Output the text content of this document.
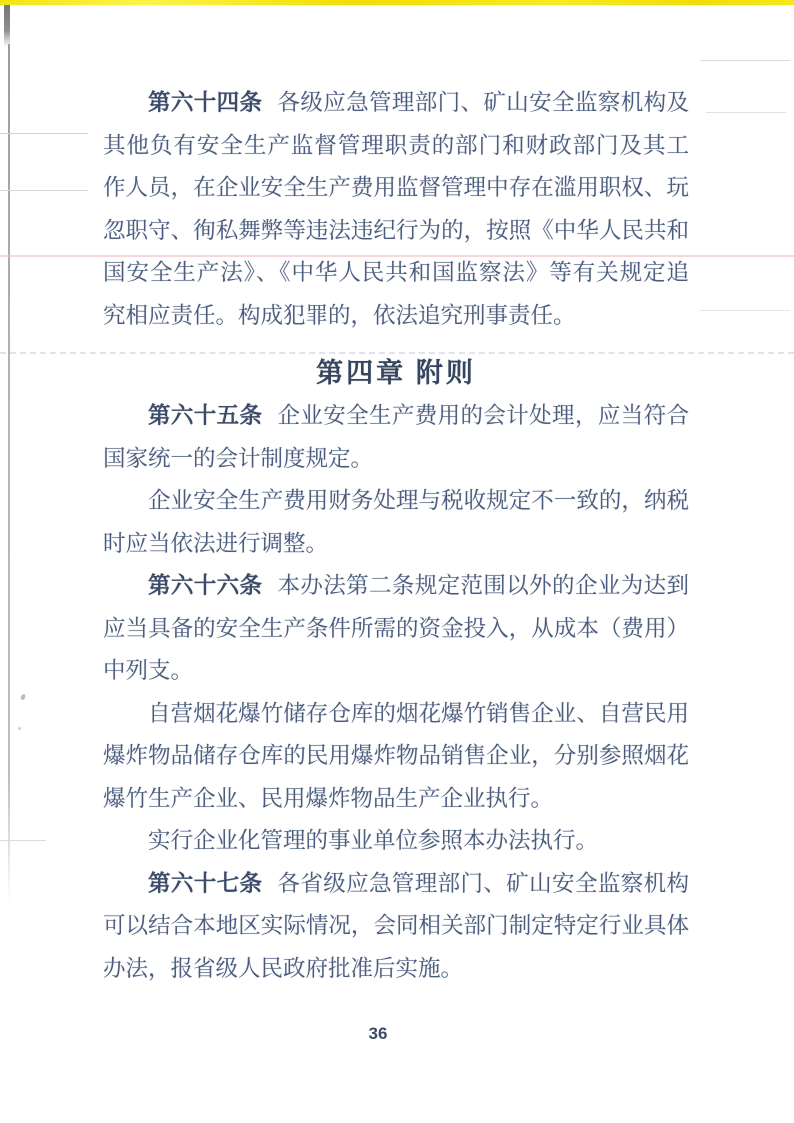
第六十四条 各级应急管理部门、矿山安全监察机构及
其他负有安全生产监督管理职责的部门和财政部门及其工
作人员，在企业安全生产费用监督管理中存在滥用职权、玩
忽职守、徇私舞弊等违法违纪行为的，按照《中华人民共和
国安全生产法》、《中华人民共和国监察法》等有关规定追
究相应责任。构成犯罪的，依法追究刑事责任。
第四章 附则
第六十五条 企业安全生产费用的会计处理，应当符合
国家统一的会计制度规定。
企业安全生产费用财务处理与税收规定不一致的，纳税
时应当依法进行调整。
第六十六条 本办法第二条规定范围以外的企业为达到
应当具备的安全生产条件所需的资金投入，从成本（费用）
中列支。
自营烟花爆竹储存仓库的烟花爆竹销售企业、自营民用
爆炸物品储存仓库的民用爆炸物品销售企业，分别参照烟花
爆竹生产企业、民用爆炸物品生产企业执行。
实行企业化管理的事业单位参照本办法执行。
第六十七条 各省级应急管理部门、矿山安全监察机构
可以结合本地区实际情况，会同相关部门制定特定行业具体
办法，报省级人民政府批准后实施。
36
